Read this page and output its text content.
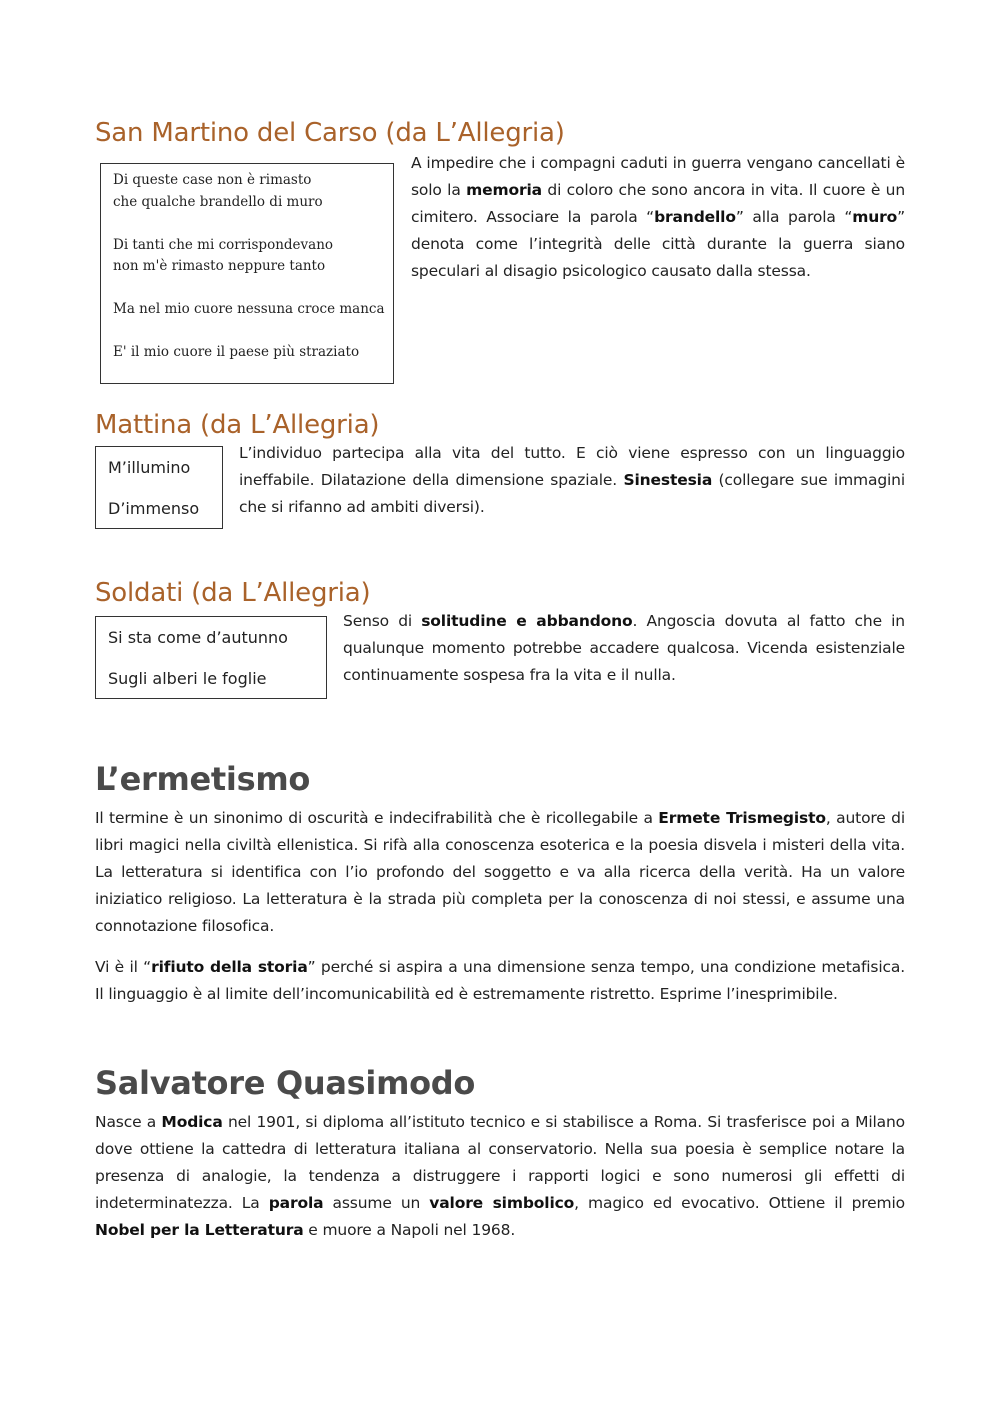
San Martino del Carso (da L’Allegria)
Di queste case non è rimasto
che qualche brandello di muro
Di tanti che mi corrispondevano
non m'è rimasto neppure tanto
Ma nel mio cuore nessuna croce manca
E' il mio cuore il paese più straziato

A impedire che i compagni caduti in guerra vengano cancellati è solo la memoria di coloro che sono ancora in vita. Il cuore è un cimitero. Associare la parola “brandello” alla parola “muro” denota come l’integrità delle città durante la guerra siano speculari al disagio psicologico causato dalla stessa.

Mattina (da L’Allegria)
M’illumino
D’immenso

L’individuo partecipa alla vita del tutto. E ciò viene espresso con un linguaggio ineffabile. Dilatazione della dimensione spaziale. Sinestesia (collegare sue immagini che si rifanno ad ambiti diversi).

Soldati (da L’Allegria)
Si sta come d’autunno
Sugli alberi le foglie

Senso di solitudine e abbandono. Angoscia dovuta al fatto che in qualunque momento potrebbe accadere qualcosa. Vicenda esistenziale continuamente sospesa fra la vita e il nulla.

L’ermetismo

Il termine è un sinonimo di oscurità e indecifrabilità che è ricollegabile a Ermete Trismegisto, autore di libri magici nella civiltà ellenistica. Si rifà alla conoscenza esoterica e la poesia disvela i misteri della vita. La letteratura si identifica con l’io profondo del soggetto e va alla ricerca della verità. Ha un valore iniziatico religioso. La letteratura è la strada più completa per la conoscenza di noi stessi, e assume una connotazione filosofica.

Vi è il “rifiuto della storia” perché si aspira a una dimensione senza tempo, una condizione metafisica. Il linguaggio è al limite dell’incomunicabilità ed è estremamente ristretto. Esprime l’inesprimibile.

Salvatore Quasimodo

Nasce a Modica nel 1901, si diploma all’istituto tecnico e si stabilisce a Roma. Si trasferisce poi a Milano dove ottiene la cattedra di letteratura italiana al conservatorio. Nella sua poesia è semplice notare la presenza di analogie, la tendenza a distruggere i rapporti logici e sono numerosi gli effetti di indeterminatezza. La parola assume un valore simbolico, magico ed evocativo. Ottiene il premio Nobel per la Letteratura e muore a Napoli nel 1968.
